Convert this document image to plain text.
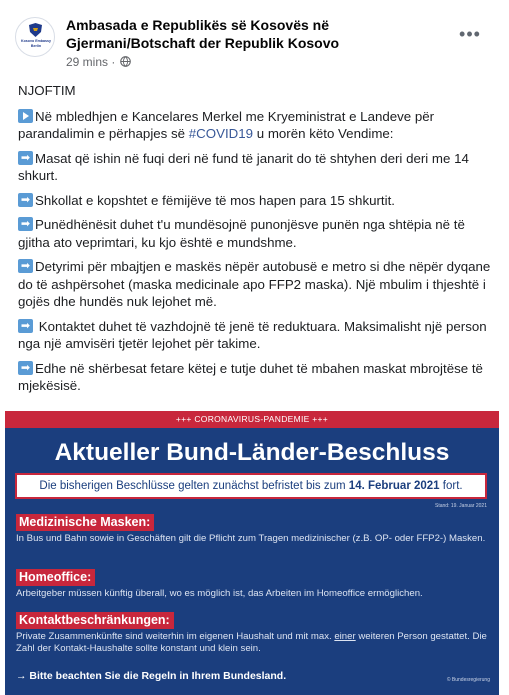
Kosovo Embassy
Berlin
Ambasada e Republikës së Kosovës në Gjermani/Botschaft der Republik Kosovo
29 mins ·
•••
NJOFTIM
Në mbledhjen e Kancelares Merkel me Kryeministrat e Landeve për parandalimin e përhapjes së #COVID19 u morën këto Vendime:
➡Masat që ishin në fuqi deri në fund të janarit do të shtyhen deri deri me 14 shkurt.
➡Shkollat e kopshtet e fëmijëve të mos hapen para 15 shkurtit.
➡Punëdhënësit duhet t'u mundësojnë punonjësve punën nga shtëpia në të gjitha ato veprimtari, ku kjo është e mundshme.
➡Detyrimi për mbajtjen e maskës nëpër autobusë e metro si dhe nëpër dyqane do të ashpërsohet (maska medicinale apo FFP2 maska). Një mbulim i thjeshtë i gojës dhe hundës nuk lejohet më.
➡ Kontaktet duhet të vazhdojnë të jenë të reduktuara. Maksimalisht një person nga një amvisëri tjetër lejohet për takime.
➡Edhe në shërbesat fetare këtej e tutje duhet të mbahen maskat mbrojtëse të mjekësisë.
+++ CORONAVIRUS-PANDEMIE +++
Aktueller Bund-Länder-Beschluss
Die bisherigen Beschlüsse gelten zunächst befristet bis zum 14. Februar 2021 fort.
Stand: 19. Januar 2021
Medizinische Masken:
In Bus und Bahn sowie in Geschäften gilt die Pflicht zum Tragen medizinischer (z.B. OP- oder FFP2-) Masken.
Homeoffice:
Arbeitgeber müssen künftig überall, wo es möglich ist, das Arbeiten im Homeoffice ermöglichen.
Kontaktbeschränkungen:
Private Zusammenkünfte sind weiterhin im eigenen Haushalt und mit max. einer weiteren Person gestattet. Die Zahl der Kontakt-Haushalte sollte konstant und klein sein.
→ Bitte beachten Sie die Regeln in Ihrem Bundesland.	© Bundesregierung
